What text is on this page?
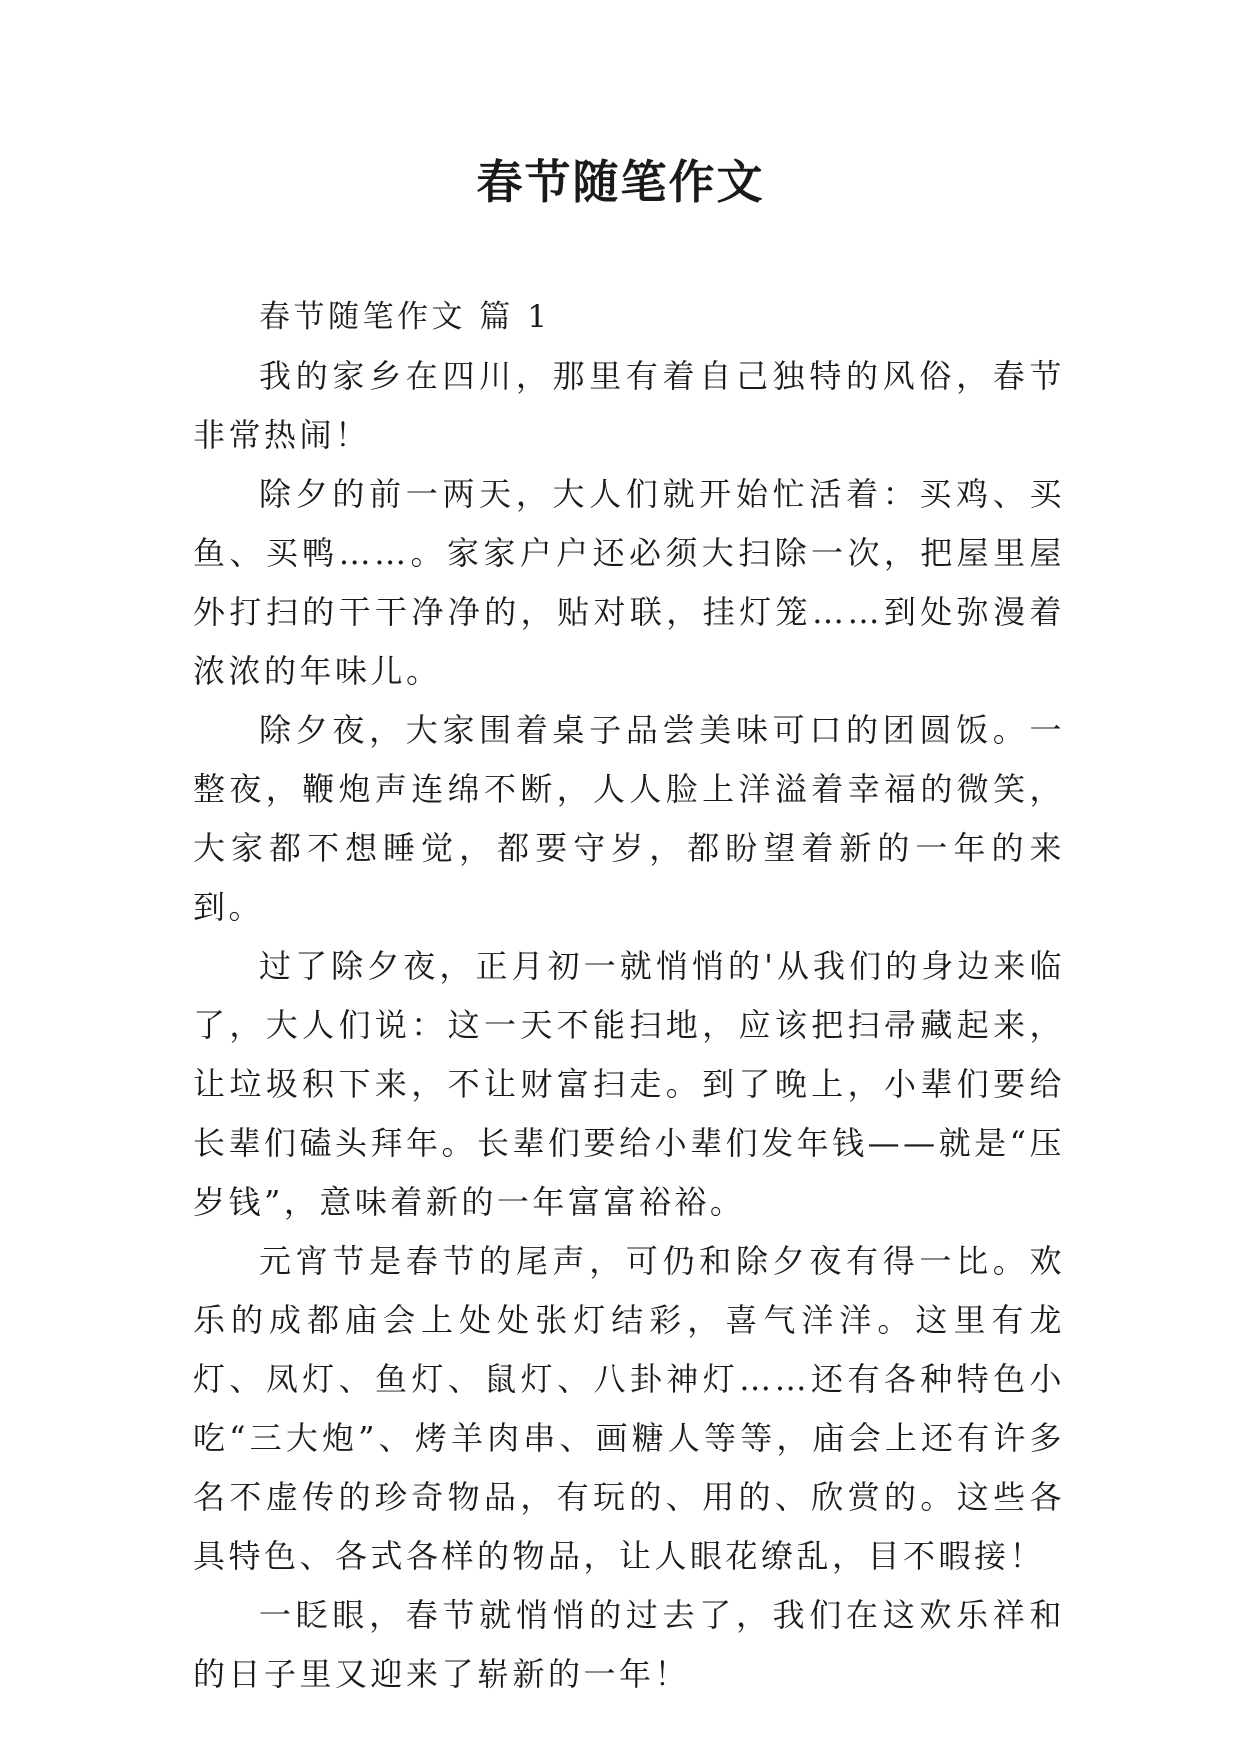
春节随笔作文

春节随笔作文 篇 1

我的家乡在四川，那里有着自己独特的风俗，春节非常热闹！

除夕的前一两天，大人们就开始忙活着：买鸡、买鱼、买鸭……。家家户户还必须大扫除一次，把屋里屋外打扫的干干净净的，贴对联，挂灯笼……到处弥漫着浓浓的年味儿。

除夕夜，大家围着桌子品尝美味可口的团圆饭。一整夜，鞭炮声连绵不断，人人脸上洋溢着幸福的微笑，大家都不想睡觉，都要守岁，都盼望着新的一年的来到。

过了除夕夜，正月初一就悄悄的'从我们的身边来临了，大人们说：这一天不能扫地，应该把扫帚藏起来，让垃圾积下来，不让财富扫走。到了晚上，小辈们要给长辈们磕头拜年。长辈们要给小辈们发年钱——就是“压岁钱”，意味着新的一年富富裕裕。

元宵节是春节的尾声，可仍和除夕夜有得一比。欢乐的成都庙会上处处张灯结彩，喜气洋洋。这里有龙灯、凤灯、鱼灯、鼠灯、八卦神灯……还有各种特色小吃“三大炮”、烤羊肉串、画糖人等等，庙会上还有许多名不虚传的珍奇物品，有玩的、用的、欣赏的。这些各具特色、各式各样的物品，让人眼花缭乱，目不暇接！

一眨眼，春节就悄悄的过去了，我们在这欢乐祥和的日子里又迎来了崭新的一年！
